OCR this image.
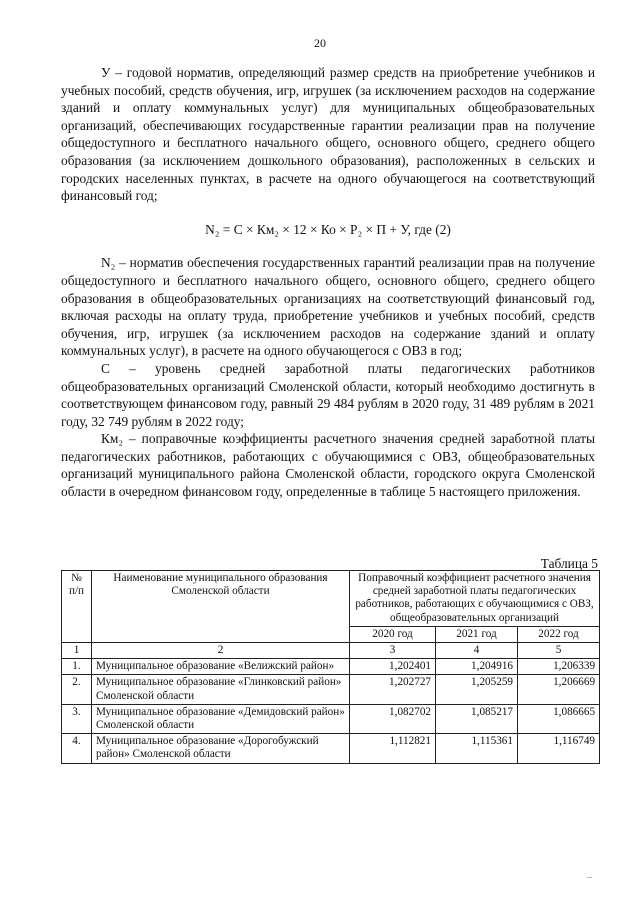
20

У – годовой норматив, определяющий размер средств на приобретение учебников и учебных пособий, средств обучения, игр, игрушек (за исключением расходов на содержание зданий и оплату коммунальных услуг) для муниципальных общеобразовательных организаций, обеспечивающих государственные гарантии реализации прав на получение общедоступного и бесплатного начального общего, основного общего, среднего общего образования (за исключением дошкольного образования), расположенных в сельских и городских населенных пунктах, в расчете на одного обучающегося на соответствующий финансовый год;

N₂ = С × Км₂ × 12 × Ко × Р₂ × П + У, где (2)

N₂ – норматив обеспечения государственных гарантий реализации прав на получение общедоступного и бесплатного начального общего, основного общего, среднего общего образования в общеобразовательных организациях на соответствующий финансовый год, включая расходы на оплату труда, приобретение учебников и учебных пособий, средств обучения, игр, игрушек (за исключением расходов на содержание зданий и оплату коммунальных услуг), в расчете на одного обучающегося с ОВЗ в год;

С – уровень средней заработной платы педагогических работников общеобразовательных организаций Смоленской области, который необходимо достигнуть в соответствующем финансовом году, равный 29 484 рублям в 2020 году, 31 489 рублям в 2021 году, 32 749 рублям в 2022 году;

Км₂ – поправочные коэффициенты расчетного значения средней заработной платы педагогических работников, работающих с обучающимися с ОВЗ, общеобразовательных организаций муниципального района Смоленской области, городского округа Смоленской области в очередном финансовом году, определенные в таблице 5 настоящего приложения.

Таблица 5
№ п/п	Наименование муниципального образования Смоленской области	Поправочный коэффициент расчетного значения средней заработной платы педагогических работников, работающих с обучающимися с ОВЗ, общеобразовательных организаций		
		2020 год	2021 год	2022 год
1	2	3	4	5
1.	Муниципальное образование «Велижский район»	1,202401	1,204916	1,206339
2.	Муниципальное образование «Глинковский район» Смоленской области	1,202727	1,205259	1,206669
3.	Муниципальное образование «Демидовский район» Смоленской области	1,082702	1,085217	1,086665
4.	Муниципальное образование «Дорогобужский район» Смоленской области	1,112821	1,115361	1,116749
–
